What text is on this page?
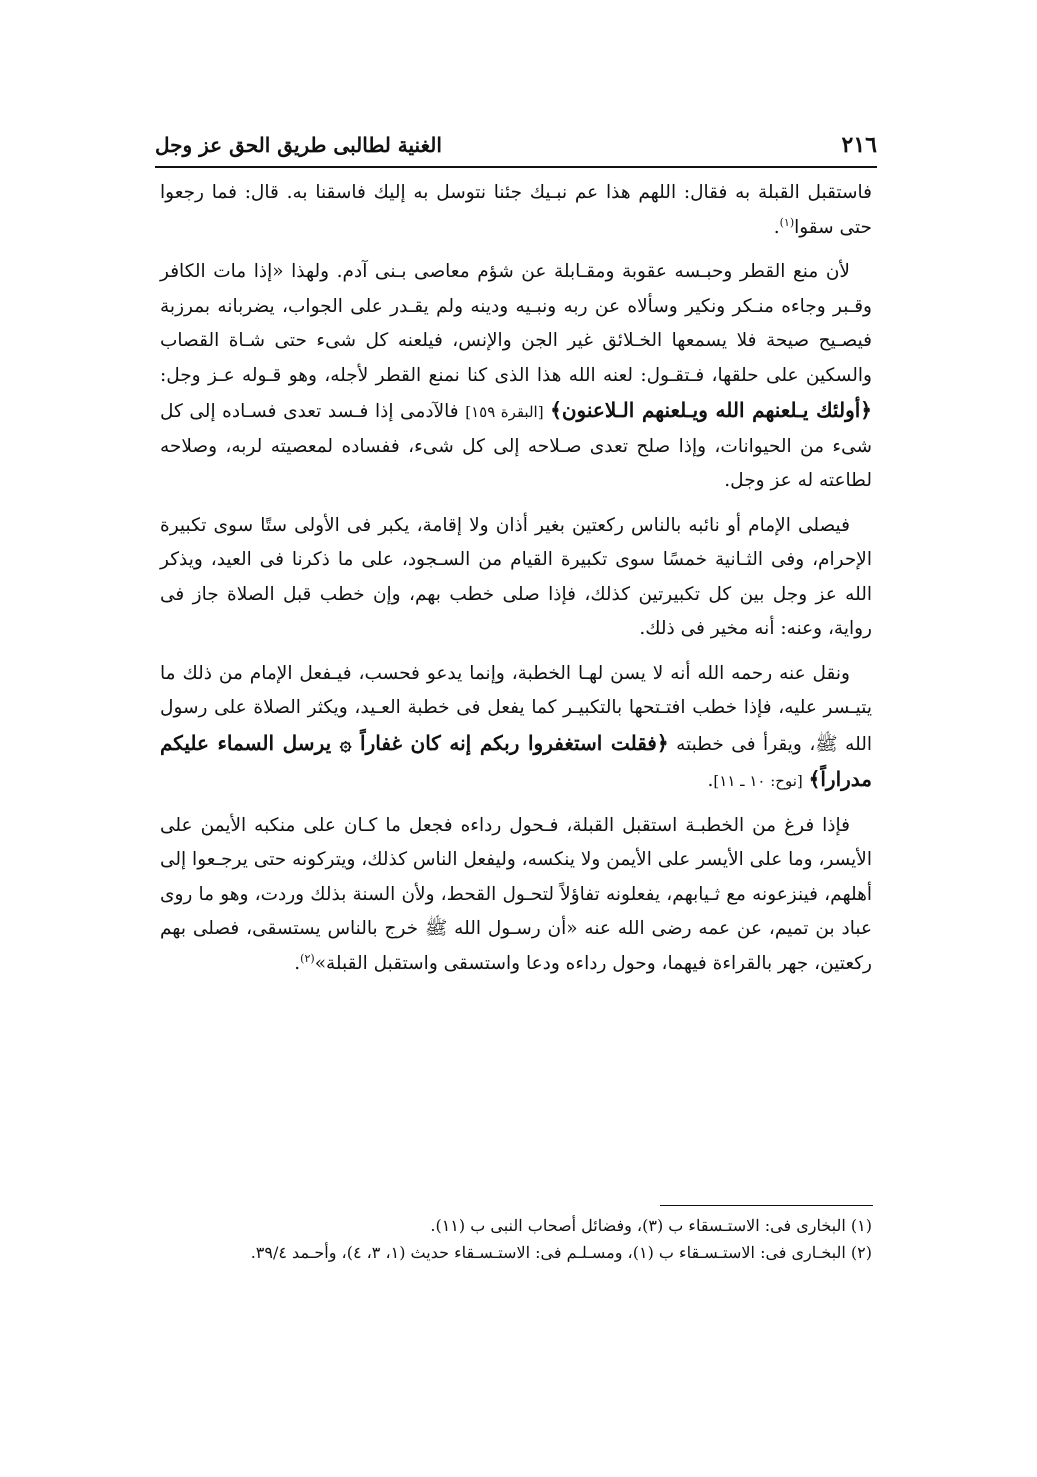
٢١٦
الغنية لطالبى طريق الحق عز وجل

فاستقبل القبلة به فقال: اللهم هذا عم نبـيك جئنا نتوسل به إليك فاسقنا به. قال: فما رجعوا حتى سقوا$^{(١)}$.

لأن منع القطر وحبـسه عقوبة ومقـابلة عن شؤم معاصى بـنى آدم. ولهذا «إذا مات الكافر وقـبر وجاءه منـكر ونكير وسألاه عن ربه ونبـيه ودينه ولم يقـدر على الجواب، يضربانه بمرزبة فيصـيح صيحة فلا يسمعها الخـلائق غير الجن والإنس، فيلعنه كل شىء حتى شـاة القصاب والسكين على حلقها، فـتقـول: لعنه الله هذا الذى كنا نمنع القطر لأجله، وهو قـوله عـز وجل: ﴿أولئك يـلعنهم الله ويـلعنهم الـلاعنون﴾ [البقرة ١٥٩] فالآدمى إذا فـسد تعدى فسـاده إلى كل شىء من الحيوانات، وإذا صلح تعدى صـلاحه إلى كل شىء، ففساده لمعصيته لربه، وصلاحه لطاعته له عز وجل.

فيصلى الإمام أو نائبه بالناس ركعتين بغير أذان ولا إقامة، يكبر فى الأولى ستًا سوى تكبيرة الإحرام، وفى الثـانية خمسًا سوى تكبيرة القيام من السـجود، على ما ذكرنا فى العيد، ويذكر الله عز وجل بين كل تكبيرتين كذلك، فإذا صلى خطب بهم، وإن خطب قبل الصلاة جاز فى رواية، وعنه: أنه مخير فى ذلك.

ونقل عنه رحمه الله أنه لا يسن لهـا الخطبة، وإنما يدعو فحسب، فيـفعل الإمام من ذلك ما يتيـسر عليه، فإذا خطب افتـتحها بالتكبيـر كما يفعل فى خطبة العـيد، ويكثر الصلاة على رسول الله ﷺ، ويقرأ فى خطبته ﴿فقلت استغفروا ربكم إنه كان غفاراً ۞ يرسل السماء عليكم مدراراً﴾ [نوح: ١٠ ـ ١١].

فإذا فرغ من الخطبـة استقبل القبلة، فـحول رداءه فجعل ما كـان على منكبه الأيمن على الأيسر، وما على الأيسر على الأيمن ولا ينكسه، وليفعل الناس كذلك، ويتركونه حتى يرجـعوا إلى أهلهم، فينزعونه مع ثـيابهم، يفعلونه تفاؤلاً لتحـول القحط، ولأن السنة بذلك وردت، وهو ما روى عباد بن تميم، عن عمه رضى الله عنه «أن رسـول الله ﷺ خرج بالناس يستسقى، فصلى بهم ركعتين، جهر بالقراءة فيهما، وحول رداءه ودعا واستسقى واستقبل القبلة»$^{(٢)}$.

(١) البخارى فى: الاستـسقاء ب (٣)، وفضائل أصحاب النبى ب (١١).

(٢) البخـارى فى: الاستـسـقاء ب (١)، ومسـلـم فى: الاستـسـقاء حديث (١، ٣، ٤)، وأحـمد ٣٩/٤.
